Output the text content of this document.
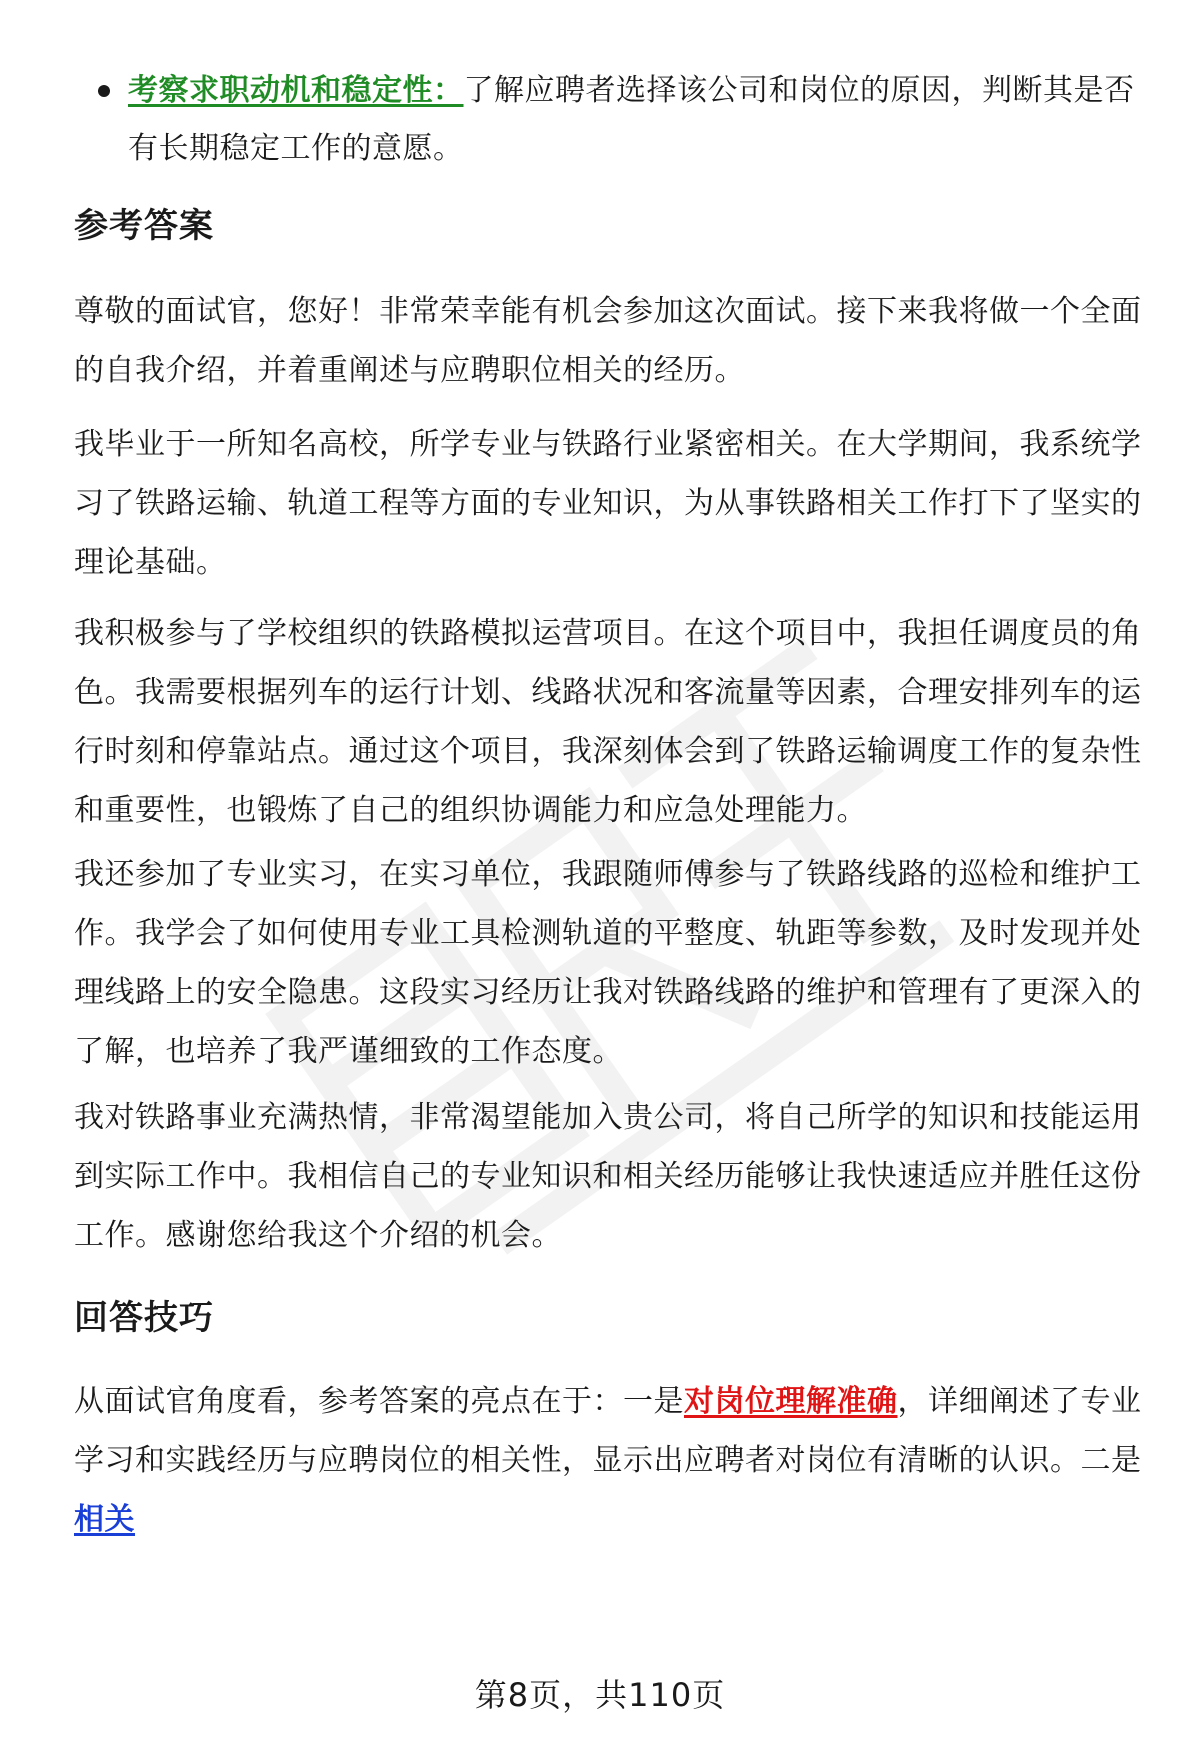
考察求职动机和稳定性：了解应聘者选择该公司和岗位的原因，判断其是否有长期稳定工作的意愿。
参考答案
尊敬的面试官，您好！非常荣幸能有机会参加这次面试。接下来我将做一个全面的自我介绍，并着重阐述与应聘职位相关的经历。
我毕业于一所知名高校，所学专业与铁路行业紧密相关。在大学期间，我系统学习了铁路运输、轨道工程等方面的专业知识，为从事铁路相关工作打下了坚实的理论基础。
我积极参与了学校组织的铁路模拟运营项目。在这个项目中，我担任调度员的角色。我需要根据列车的运行计划、线路状况和客流量等因素，合理安排列车的运行时刻和停靠站点。通过这个项目，我深刻体会到了铁路运输调度工作的复杂性和重要性，也锻炼了自己的组织协调能力和应急处理能力。
我还参加了专业实习，在实习单位，我跟随师傅参与了铁路线路的巡检和维护工作。我学会了如何使用专业工具检测轨道的平整度、轨距等参数，及时发现并处理线路上的安全隐患。这段实习经历让我对铁路线路的维护和管理有了更深入的了解，也培养了我严谨细致的工作态度。
我对铁路事业充满热情，非常渴望能加入贵公司，将自己所学的知识和技能运用到实际工作中。我相信自己的专业知识和相关经历能够让我快速适应并胜任这份工作。感谢您给我这个介绍的机会。
回答技巧
从面试官角度看，参考答案的亮点在于：一是对岗位理解准确，详细阐述了专业学习和实践经历与应聘岗位的相关性，显示出应聘者对岗位有清晰的认识。二是相关
第8页，共110页
